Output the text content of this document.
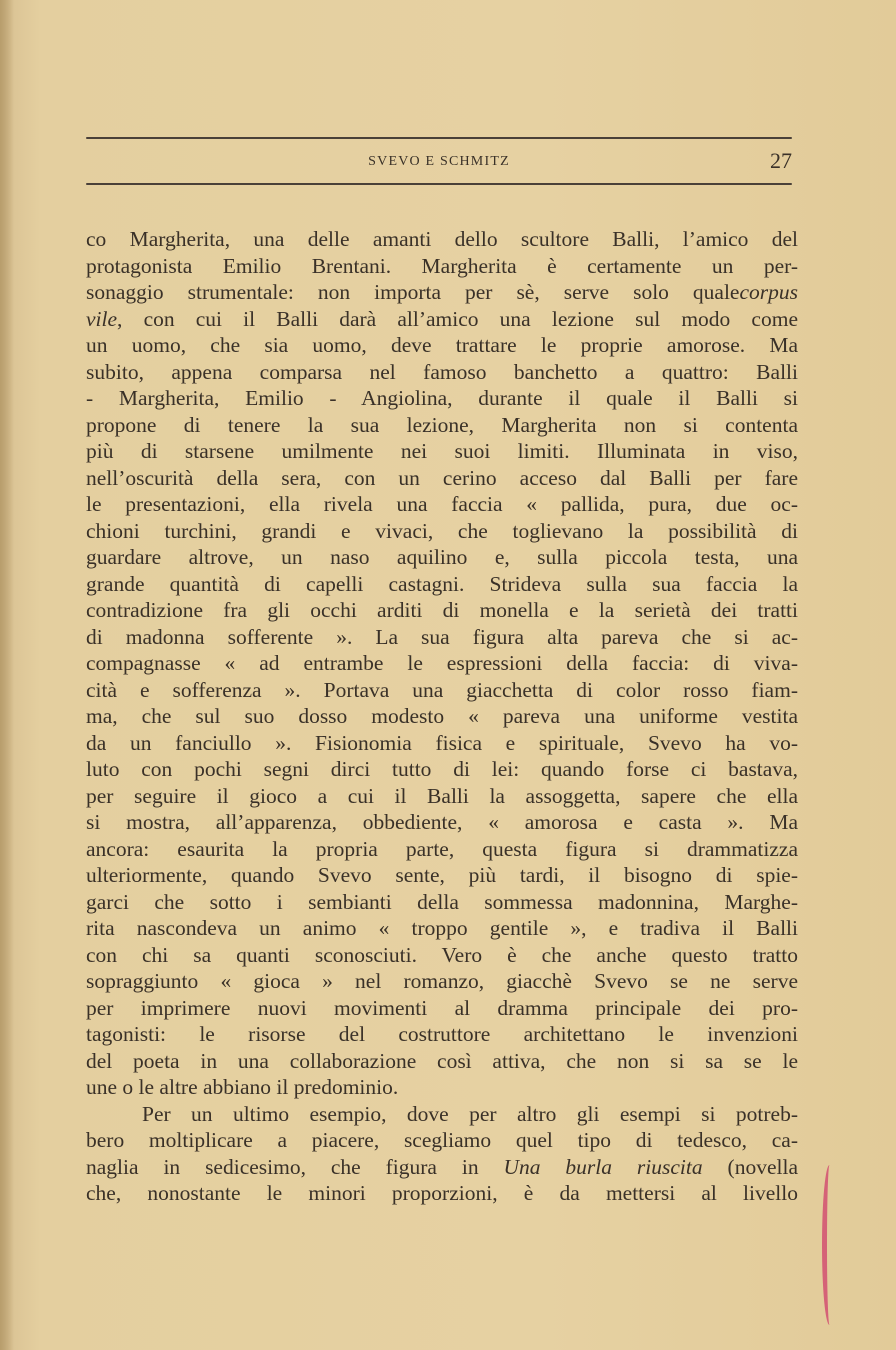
SVEVO E SCHMITZ	27
co Margherita, una delle amanti dello scultore Balli, l’amico del
protagonista Emilio Brentani. Margherita è certamente un per-
sonaggio strumentale: non importa per sè, serve solo qualecorpus
vile, con cui il Balli darà all’amico una lezione sul modo come
un uomo, che sia uomo, deve trattare le proprie amorose. Ma
subito, appena comparsa nel famoso banchetto a quattro: Balli
- Margherita, Emilio - Angiolina, durante il quale il Balli si
propone di tenere la sua lezione, Margherita non si contenta
più di starsene umilmente nei suoi limiti. Illuminata in viso,
nell’oscurità della sera, con un cerino acceso dal Balli per fare
le presentazioni, ella rivela una faccia « pallida, pura, due oc-
chioni turchini, grandi e vivaci, che toglievano la possibilità di
guardare altrove, un naso aquilino e, sulla piccola testa, una
grande quantità di capelli castagni. Strideva sulla sua faccia la
contradizione fra gli occhi arditi di monella e la serietà dei tratti
di madonna sofferente ». La sua figura alta pareva che si ac-
compagnasse « ad entrambe le espressioni della faccia: di viva-
cità e sofferenza ». Portava una giacchetta di color rosso fiam-
ma, che sul suo dosso modesto « pareva una uniforme vestita
da un fanciullo ». Fisionomia fisica e spirituale, Svevo ha vo-
luto con pochi segni dirci tutto di lei: quando forse ci bastava,
per seguire il gioco a cui il Balli la assoggetta, sapere che ella
si mostra, all’apparenza, obbediente, « amorosa e casta ». Ma
ancora: esaurita la propria parte, questa figura si drammatizza
ulteriormente, quando Svevo sente, più tardi, il bisogno di spie-
garci che sotto i sembianti della sommessa madonnina, Marghe-
rita nascondeva un animo « troppo gentile », e tradiva il Balli
con chi sa quanti sconosciuti. Vero è che anche questo tratto
sopraggiunto « gioca » nel romanzo, giacchè Svevo se ne serve
per imprimere nuovi movimenti al dramma principale dei pro-
tagonisti: le risorse del costruttore architettano le invenzioni
del poeta in una collaborazione così attiva, che non si sa se le
une o le altre abbiano il predominio.
Per un ultimo esempio, dove per altro gli esempi si potreb-
bero moltiplicare a piacere, scegliamo quel tipo di tedesco, ca-
naglia in sedicesimo, che figura in Una burla riuscita (novella
che, nonostante le minori proporzioni, è da mettersi al livello
